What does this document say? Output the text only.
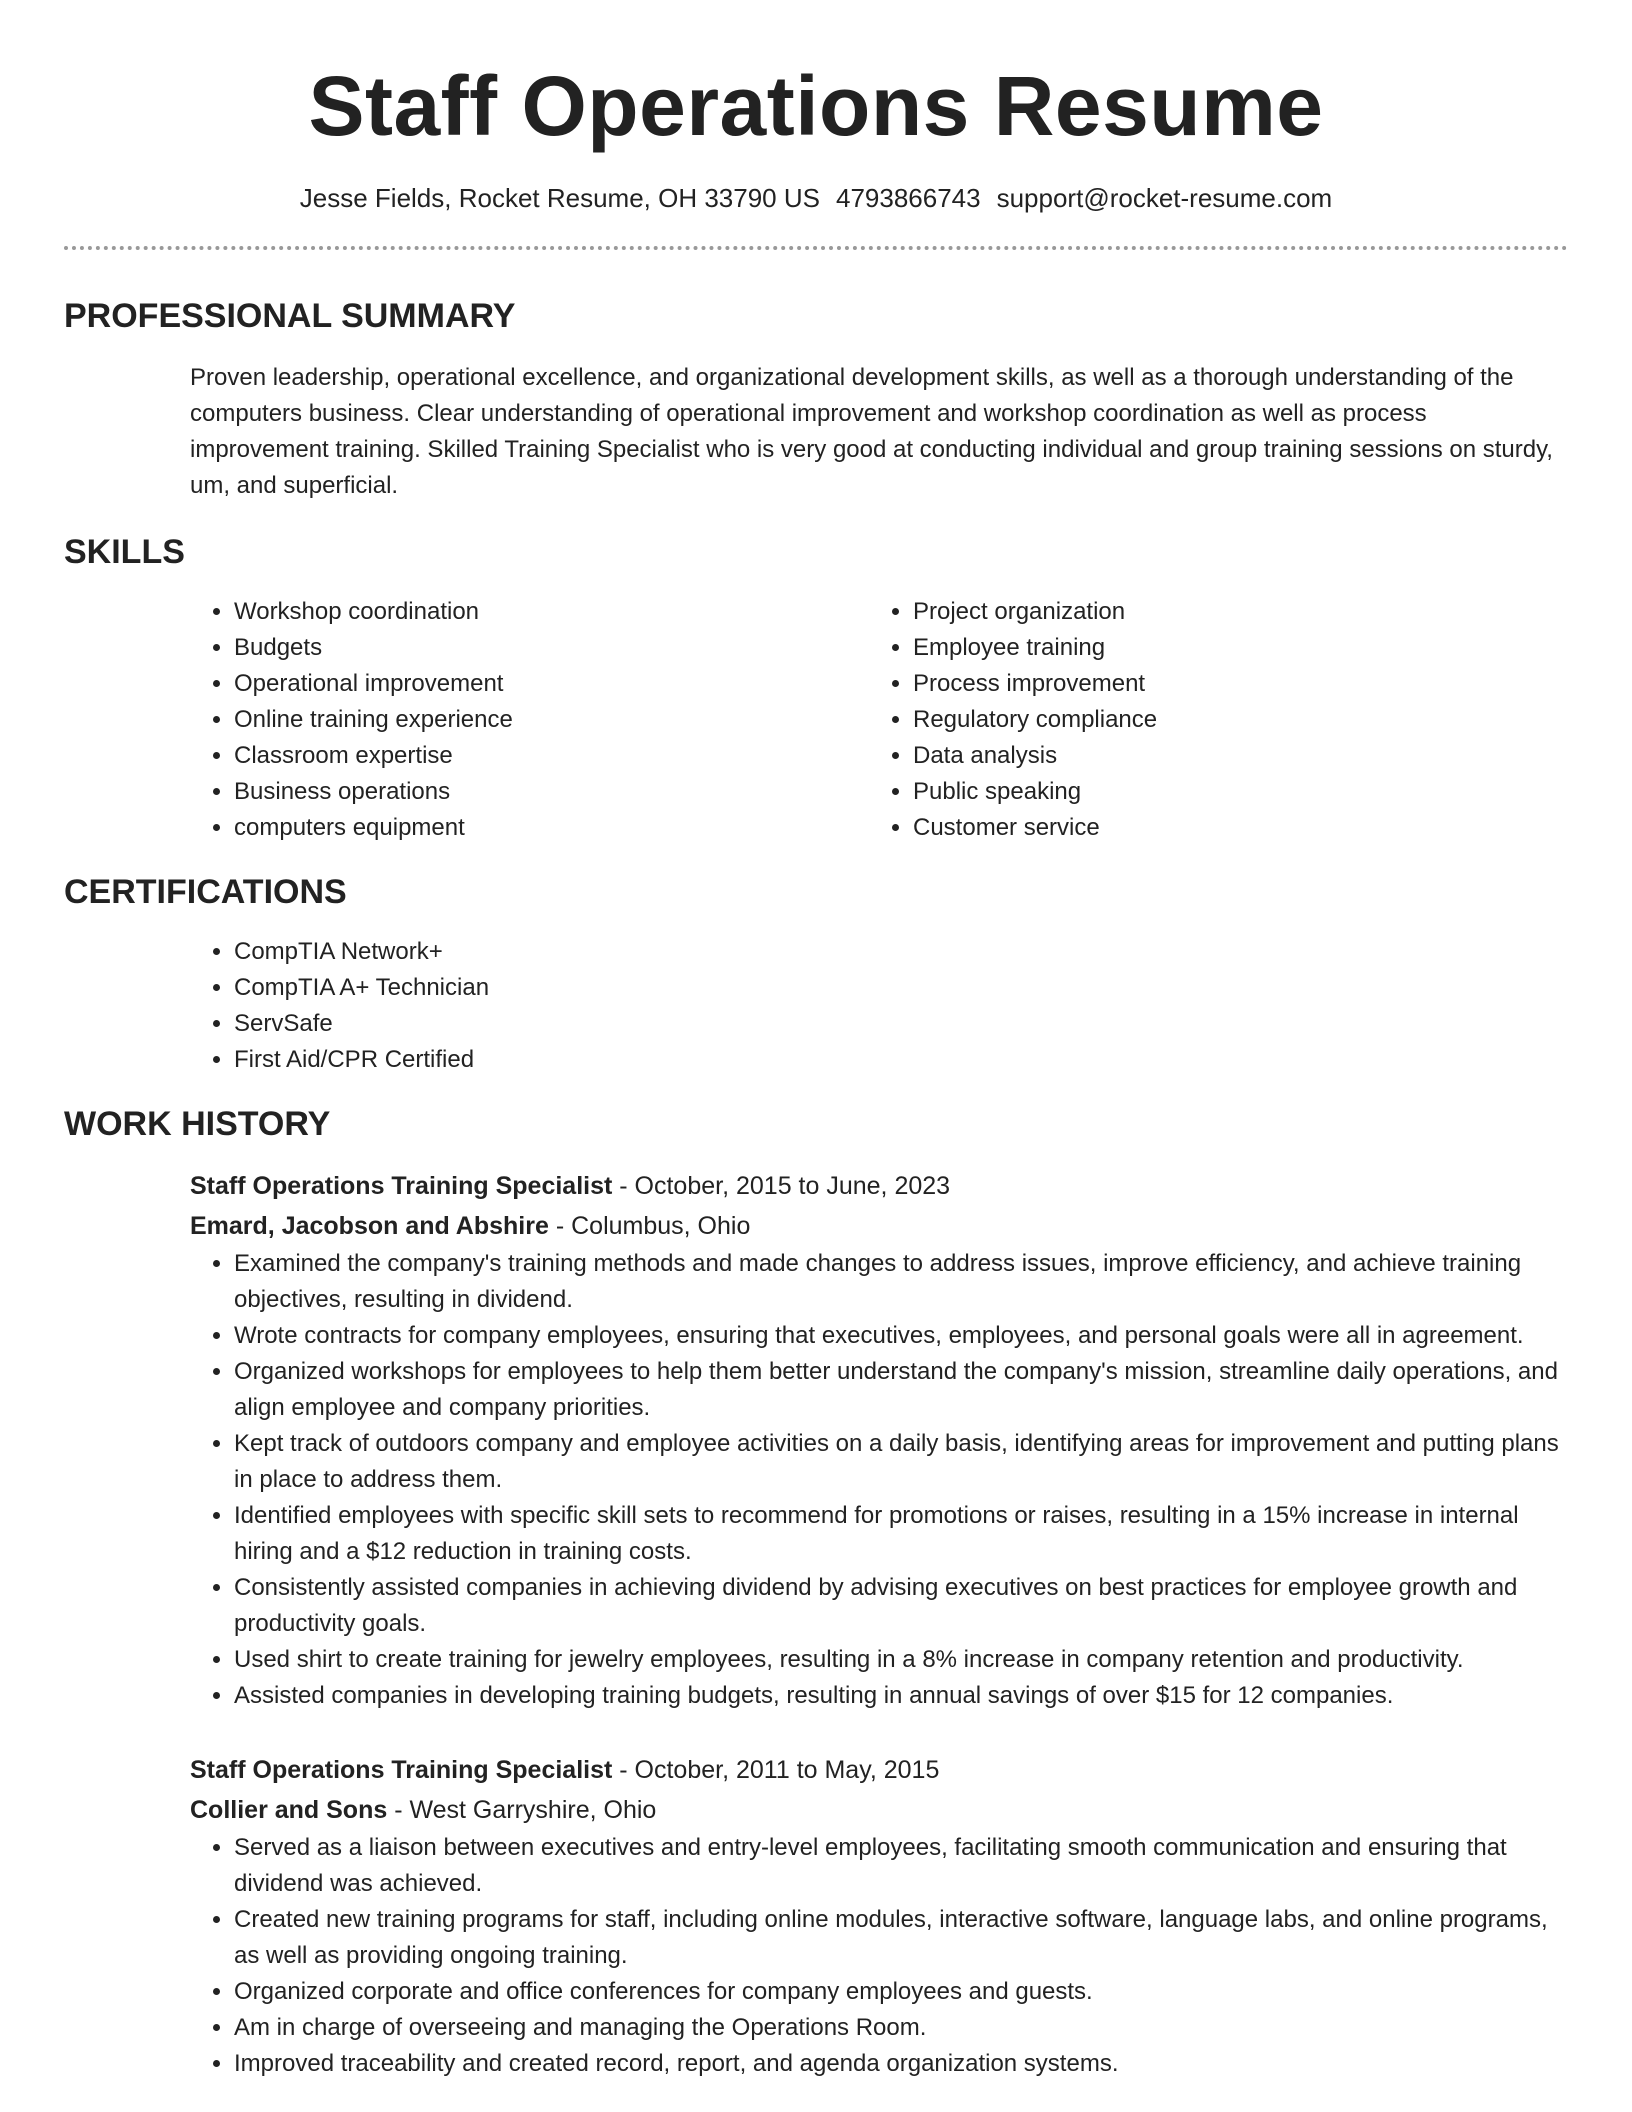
Staff Operations Resume
Jesse Fields, Rocket Resume, OH 33790 US 4793866743 support@rocket-resume.com
PROFESSIONAL SUMMARY
Proven leadership, operational excellence, and organizational development skills, as well as a thorough understanding of the computers business. Clear understanding of operational improvement and workshop coordination as well as process improvement training. Skilled Training Specialist who is very good at conducting individual and group training sessions on sturdy, um, and superficial.
SKILLS
• Workshop coordination
• Budgets
• Operational improvement
• Online training experience
• Classroom expertise
• Business operations
• computers equipment
• Project organization
• Employee training
• Process improvement
• Regulatory compliance
• Data analysis
• Public speaking
• Customer service
CERTIFICATIONS
• CompTIA Network+
• CompTIA A+ Technician
• ServSafe
• First Aid/CPR Certified
WORK HISTORY
Staff Operations Training Specialist - October, 2015 to June, 2023
Emard, Jacobson and Abshire - Columbus, Ohio
• Examined the company's training methods and made changes to address issues, improve efficiency, and achieve training objectives, resulting in dividend.
• Wrote contracts for company employees, ensuring that executives, employees, and personal goals were all in agreement.
• Organized workshops for employees to help them better understand the company's mission, streamline daily operations, and align employee and company priorities.
• Kept track of outdoors company and employee activities on a daily basis, identifying areas for improvement and putting plans in place to address them.
• Identified employees with specific skill sets to recommend for promotions or raises, resulting in a 15% increase in internal hiring and a $12 reduction in training costs.
• Consistently assisted companies in achieving dividend by advising executives on best practices for employee growth and productivity goals.
• Used shirt to create training for jewelry employees, resulting in a 8% increase in company retention and productivity.
• Assisted companies in developing training budgets, resulting in annual savings of over $15 for 12 companies.
Staff Operations Training Specialist - October, 2011 to May, 2015
Collier and Sons - West Garryshire, Ohio
• Served as a liaison between executives and entry-level employees, facilitating smooth communication and ensuring that dividend was achieved.
• Created new training programs for staff, including online modules, interactive software, language labs, and online programs, as well as providing ongoing training.
• Organized corporate and office conferences for company employees and guests.
• Am in charge of overseeing and managing the Operations Room.
• Improved traceability and created record, report, and agenda organization systems.
